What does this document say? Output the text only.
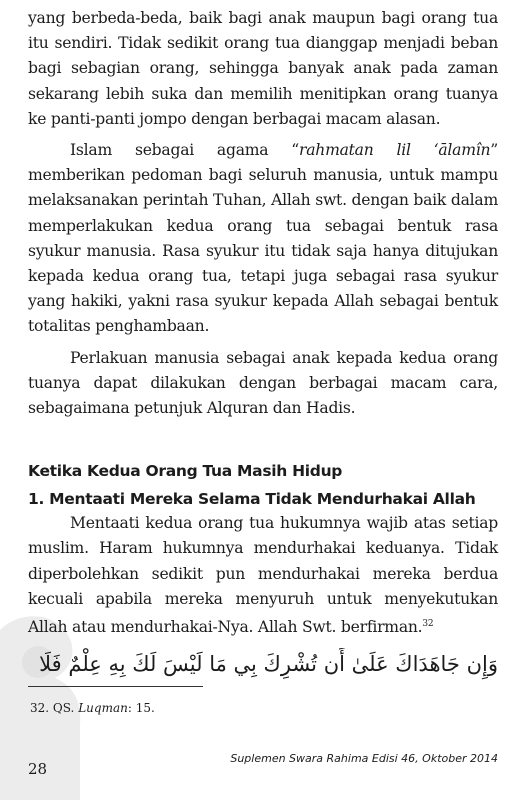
yang berbeda-beda, baik bagi anak maupun bagi orang tua itu sendiri. Tidak sedikit orang tua dianggap menjadi beban bagi sebagian orang, sehingga banyak anak pada zaman sekarang lebih suka dan memilih menitipkan orang tuanya ke panti-panti jompo dengan berbagai macam alasan.

Islam sebagai agama “rahmatan lil ‘ālamîn” memberikan pedoman bagi seluruh manusia, untuk mampu melaksanakan perintah Tuhan, Allah swt. dengan baik dalam memperlakukan kedua orang tua sebagai bentuk rasa syukur manusia. Rasa syukur itu tidak saja hanya ditujukan kepada kedua orang tua, tetapi juga sebagai rasa syukur yang hakiki, yakni rasa syukur kepada Allah sebagai bentuk totalitas penghambaan.

Perlakuan manusia sebagai anak kepada kedua orang tuanya dapat dilakukan dengan berbagai macam cara, sebagaimana petunjuk Alquran dan Hadis.

Ketika Kedua Orang Tua Masih Hidup
1. Mentaati Mereka Selama Tidak Mendurhakai Allah

Mentaati kedua orang tua hukumnya wajib atas setiap muslim. Haram hukumnya mendurhakai keduanya. Tidak diperbolehkan sedikit pun mendurhakai mereka berdua kecuali apabila mereka menyuruh untuk menyekutukan Allah atau mendurhakai-Nya. Allah Swt. berfirman.$^{32}$

وَإِن جَاهَدَاكَ عَلَىٰ أَن تُشْرِكَ بِي مَا لَيْسَ لَكَ بِهِ عِلْمٌ فَلَا
32. QS. Luqman: 15.
28
Suplemen Swara Rahima Edisi 46, Oktober 2014
